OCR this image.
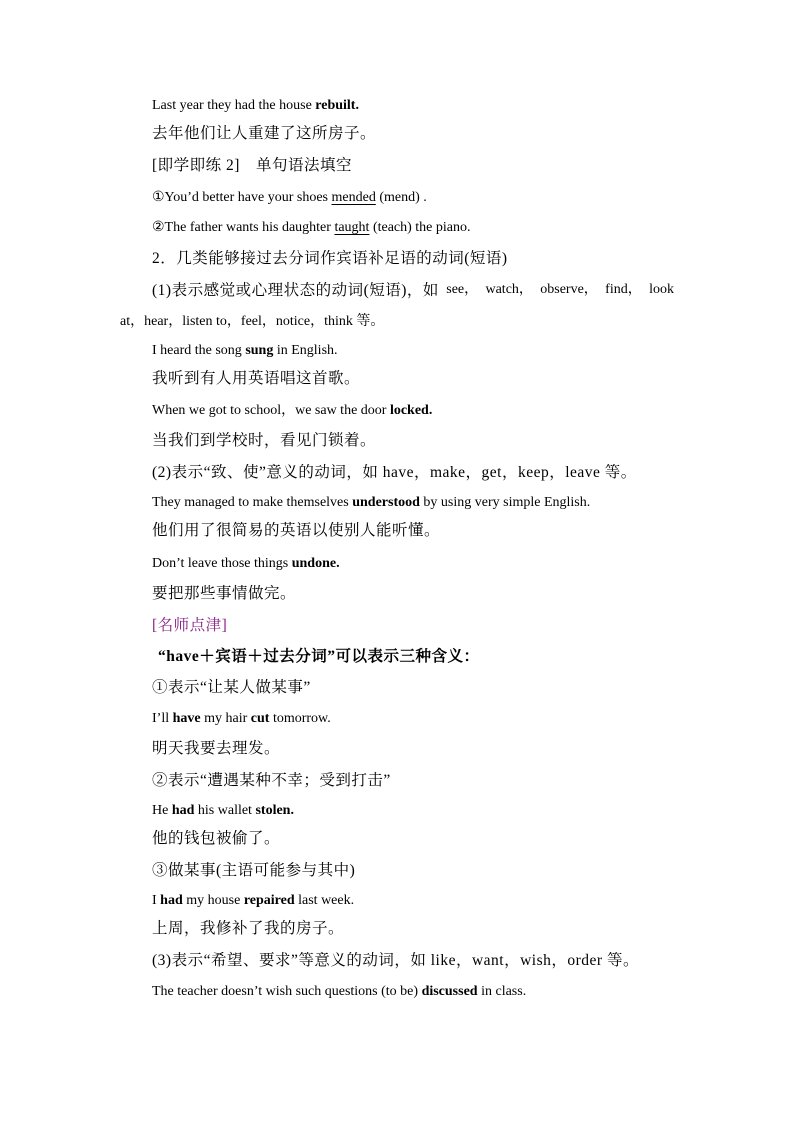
Last year they had the house rebuilt.
去年他们让人重建了这所房子。
[即学即练 2]　单句语法填空
①You’d better have your shoes mended (mend) .
②The father wants his daughter taught (teach) the piano.
2．几类能够接过去分词作宾语补足语的动词(短语)
(1)表示感觉或心理状态的动词(短语)，如 see， watch， observe， find， look
at，hear，listen to，feel，notice，think 等。
I heard the song sung in English.
我听到有人用英语唱这首歌。
When we got to school，we saw the door locked.
当我们到学校时，看见门锁着。
(2)表示“致、使”意义的动词，如 have，make，get，keep，leave 等。
They managed to make themselves understood by using very simple English.
他们用了很简易的英语以使别人能听懂。
Don’t leave those things undone.
要把那些事情做完。
[名师点津]
“have＋宾语＋过去分词”可以表示三种含义：
①表示“让某人做某事”
I’ll have my hair cut tomorrow.
明天我要去理发。
②表示“遭遇某种不幸；受到打击”
He had his wallet stolen.
他的钱包被偷了。
③做某事(主语可能参与其中)
I had my house repaired last week.
上周，我修补了我的房子。
(3)表示“希望、要求”等意义的动词，如 like，want，wish，order 等。
The teacher doesn’t wish such questions (to be) discussed in class.
